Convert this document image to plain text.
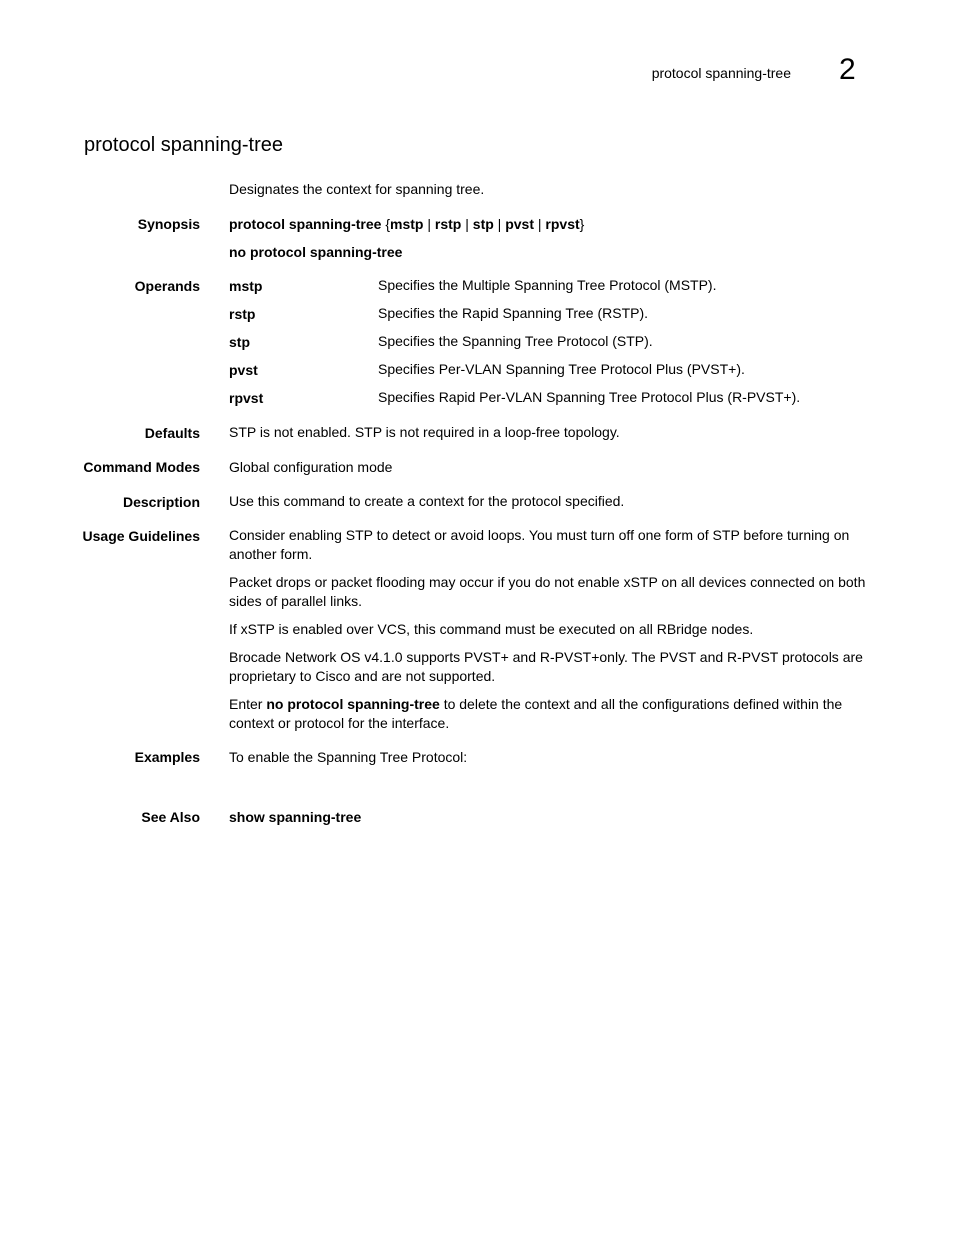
protocol spanning-tree 2
protocol spanning-tree
Designates the context for spanning tree.
Synopsis protocol spanning-tree {mstp | rstp | stp | pvst | rpvst}
no protocol spanning-tree
Operands mstp	Specifies the Multiple Spanning Tree Protocol (MSTP).
rstp	Specifies the Rapid Spanning Tree (RSTP).
stp	Specifies the Spanning Tree Protocol (STP).
pvst	Specifies Per-VLAN Spanning Tree Protocol Plus (PVST+).
rpvst	Specifies Rapid Per-VLAN Spanning Tree Protocol Plus (R-PVST+).
Defaults STP is not enabled. STP is not required in a loop-free topology.
Command Modes Global configuration mode
Description Use this command to create a context for the protocol specified.
Usage Guidelines Consider enabling STP to detect or avoid loops. You must turn off one form of STP before turning on another form.
Packet drops or packet flooding may occur if you do not enable xSTP on all devices connected on both sides of parallel links.
If xSTP is enabled over VCS, this command must be executed on all RBridge nodes.
Brocade Network OS v4.1.0 supports PVST+ and R-PVST+only. The PVST and R-PVST protocols are proprietary to Cisco and are not supported.
Enter no protocol spanning-tree to delete the context and all the configurations defined within the context or protocol for the interface.
Examples To enable the Spanning Tree Protocol:
See Also show spanning-tree
